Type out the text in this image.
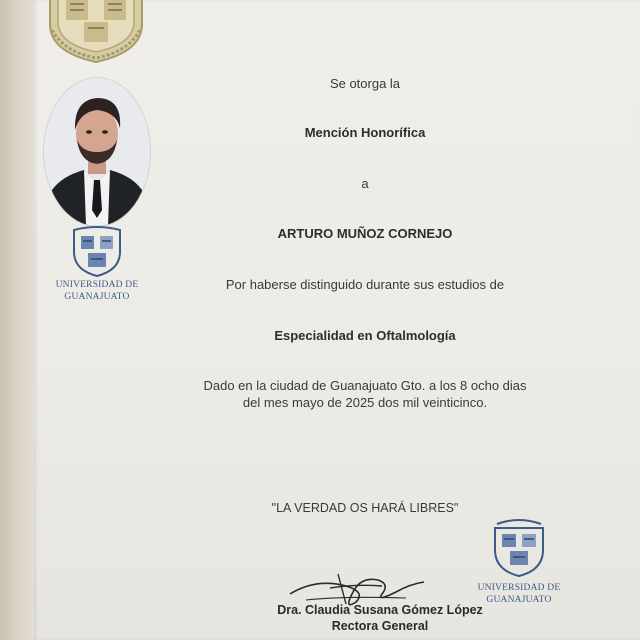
UNIVERSIDAD DE
GUANAJUATO
Se otorga la
Mención Honorífica
a
ARTURO MUÑOZ CORNEJO
Por haberse distinguido durante sus estudios de
Especialidad en Oftalmología
Dado en la ciudad de Guanajuato Gto. a los 8 ocho dias
del mes mayo de 2025 dos mil veinticinco.
"LA VERDAD OS HARÁ LIBRES"
UNIVERSIDAD DE
GUANAJUATO
Dra. Claudia Susana Gómez López
Rectora General
